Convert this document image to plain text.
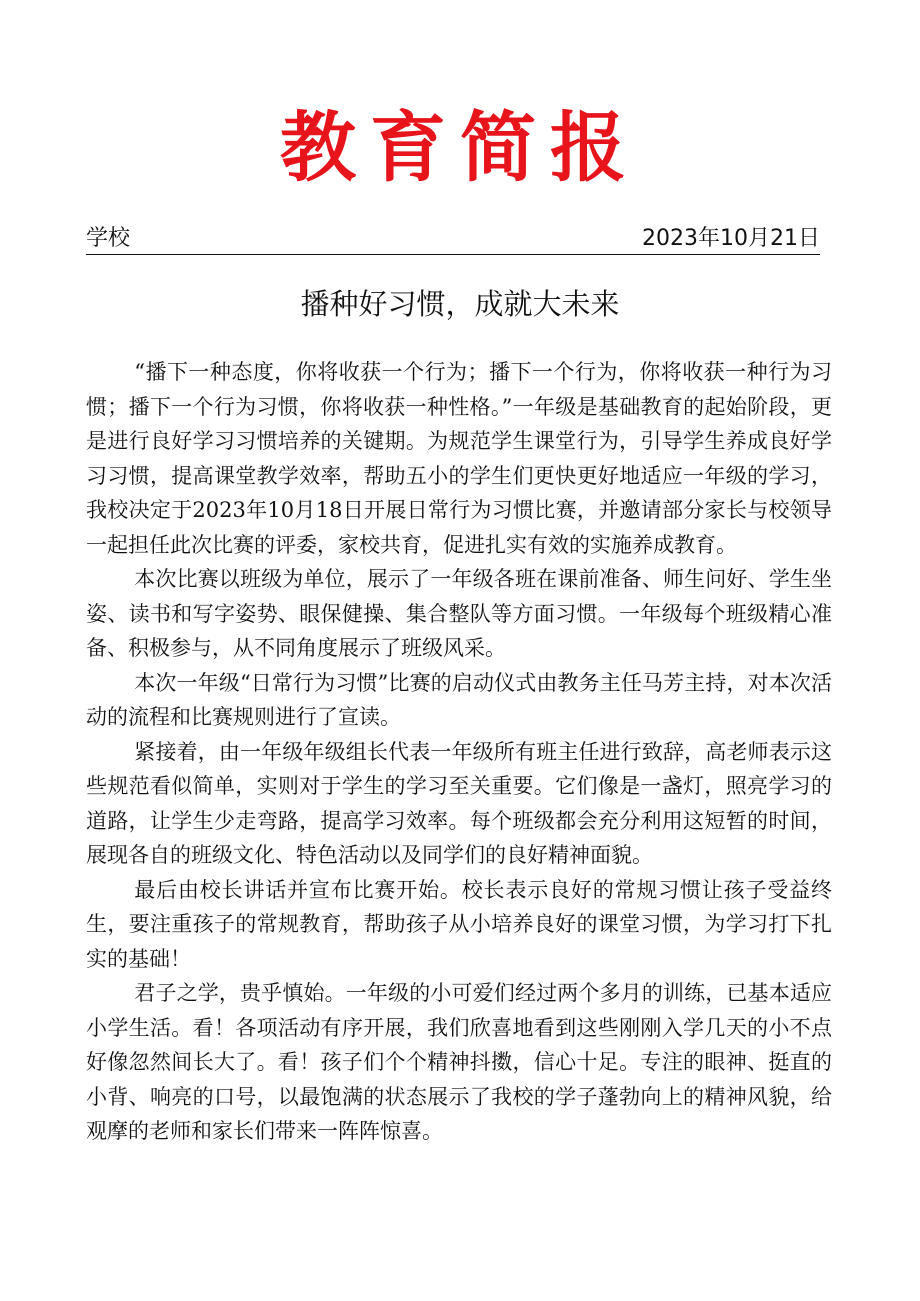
教育简报
学校	2023年10月21日
播种好习惯，成就大未来

“播下一种态度，你将收获一个行为；播下一个行为，你将收获一种行为习惯；播下一个行为习惯，你将收获一种性格。”一年级是基础教育的起始阶段，更是进行良好学习习惯培养的关键期。为规范学生课堂行为，引导学生养成良好学习习惯，提高课堂教学效率，帮助五小的学生们更快更好地适应一年级的学习，我校决定于2023年10月18日开展日常行为习惯比赛，并邀请部分家长与校领导一起担任此次比赛的评委，家校共育，促进扎实有效的实施养成教育。

本次比赛以班级为单位，展示了一年级各班在课前准备、师生问好、学生坐姿、读书和写字姿势、眼保健操、集合整队等方面习惯。一年级每个班级精心准备、积极参与，从不同角度展示了班级风采。

本次一年级“日常行为习惯”比赛的启动仪式由教务主任马芳主持，对本次活动的流程和比赛规则进行了宣读。

紧接着，由一年级年级组长代表一年级所有班主任进行致辞，高老师表示这些规范看似简单，实则对于学生的学习至关重要。它们像是一盏灯，照亮学习的道路，让学生少走弯路，提高学习效率。每个班级都会充分利用这短暂的时间，展现各自的班级文化、特色活动以及同学们的良好精神面貌。

最后由校长讲话并宣布比赛开始。校长表示良好的常规习惯让孩子受益终生，要注重孩子的常规教育，帮助孩子从小培养良好的课堂习惯，为学习打下扎实的基础！

君子之学，贵乎慎始。一年级的小可爱们经过两个多月的训练，已基本适应小学生活。看！各项活动有序开展，我们欣喜地看到这些刚刚入学几天的小不点好像忽然间长大了。看！孩子们个个精神抖擞，信心十足。专注的眼神、挺直的小背、响亮的口号，以最饱满的状态展示了我校的学子蓬勃向上的精神风貌，给观摩的老师和家长们带来一阵阵惊喜。
